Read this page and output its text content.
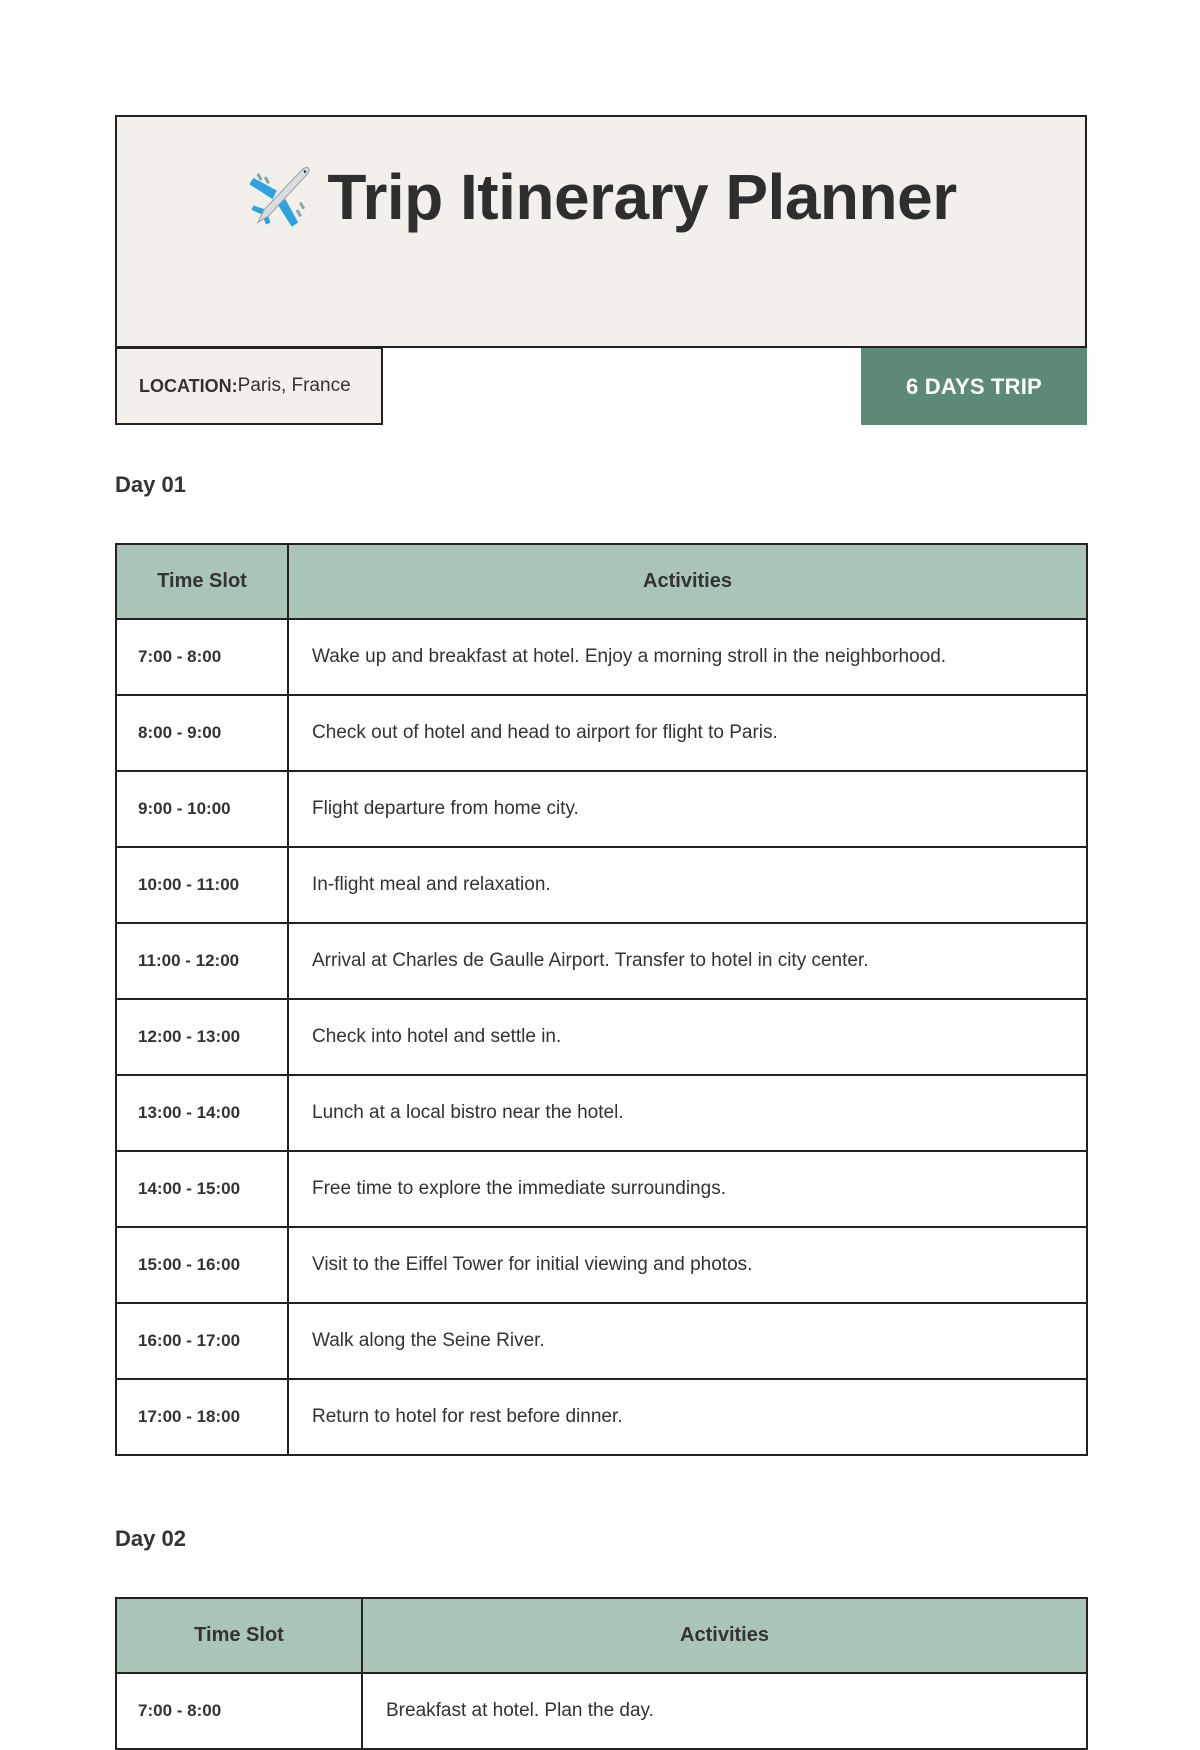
Trip Itinerary Planner
LOCATION: Paris, France	6 DAYS TRIP
Day 01
Time Slot	Activities
7:00 - 8:00	Wake up and breakfast at hotel. Enjoy a morning stroll in the neighborhood.
8:00 - 9:00	Check out of hotel and head to airport for flight to Paris.
9:00 - 10:00	Flight departure from home city.
10:00 - 11:00	In-flight meal and relaxation.
11:00 - 12:00	Arrival at Charles de Gaulle Airport. Transfer to hotel in city center.
12:00 - 13:00	Check into hotel and settle in.
13:00 - 14:00	Lunch at a local bistro near the hotel.
14:00 - 15:00	Free time to explore the immediate surroundings.
15:00 - 16:00	Visit to the Eiffel Tower for initial viewing and photos.
16:00 - 17:00	Walk along the Seine River.
17:00 - 18:00	Return to hotel for rest before dinner.
Day 02
Time Slot	Activities
7:00 - 8:00	Breakfast at hotel. Plan the day.
